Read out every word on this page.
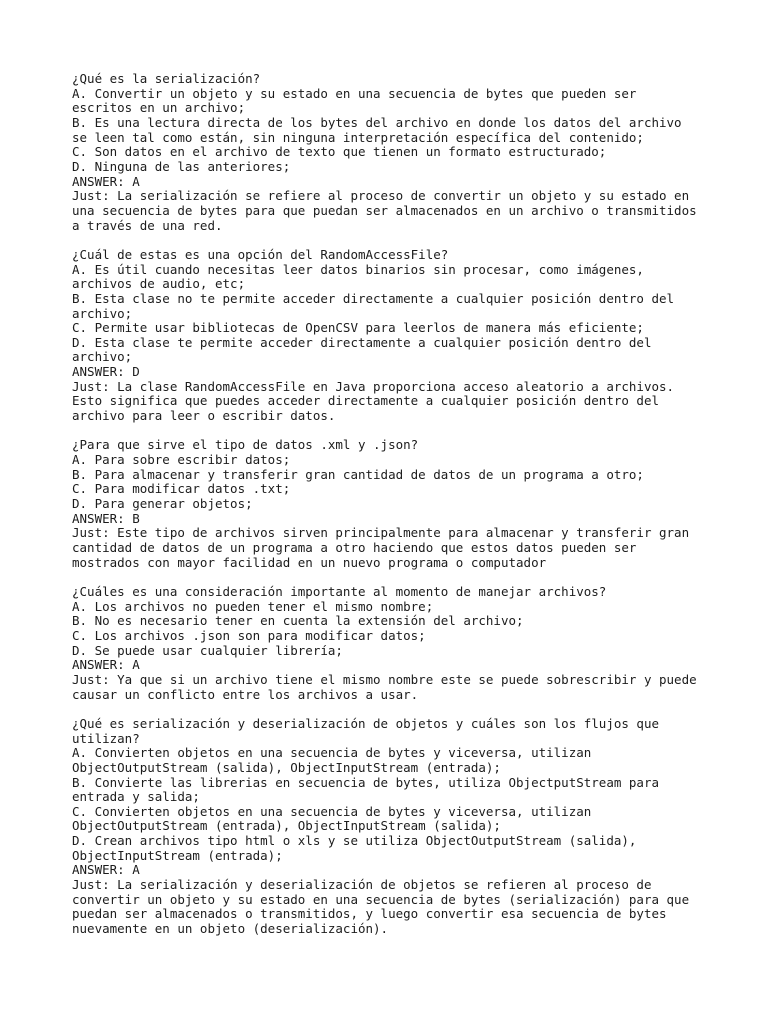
¿Qué es la serialización?
A. Convertir un objeto y su estado en una secuencia de bytes que pueden ser
escritos en un archivo;
B. Es una lectura directa de los bytes del archivo en donde los datos del archivo
se leen tal como están, sin ninguna interpretación específica del contenido;
C. Son datos en el archivo de texto que tienen un formato estructurado;
D. Ninguna de las anteriores;
ANSWER: A
Just: La serialización se refiere al proceso de convertir un objeto y su estado en
una secuencia de bytes para que puedan ser almacenados en un archivo o transmitidos
a través de una red.
¿Cuál de estas es una opción del RandomAccessFile?
A. Es útil cuando necesitas leer datos binarios sin procesar, como imágenes,
archivos de audio, etc;
B. Esta clase no te permite acceder directamente a cualquier posición dentro del
archivo;
C. Permite usar bibliotecas de OpenCSV para leerlos de manera más eficiente;
D. Esta clase te permite acceder directamente a cualquier posición dentro del
archivo;
ANSWER: D
Just: La clase RandomAccessFile en Java proporciona acceso aleatorio a archivos.
Esto significa que puedes acceder directamente a cualquier posición dentro del
archivo para leer o escribir datos.
¿Para que sirve el tipo de datos .xml y .json?
A. Para sobre escribir datos;
B. Para almacenar y transferir gran cantidad de datos de un programa a otro;
C. Para modificar datos .txt;
D. Para generar objetos;
ANSWER: B
Just: Este tipo de archivos sirven principalmente para almacenar y transferir gran
cantidad de datos de un programa a otro haciendo que estos datos pueden ser
mostrados con mayor facilidad en un nuevo programa o computador
¿Cuáles es una consideración importante al momento de manejar archivos?
A. Los archivos no pueden tener el mismo nombre;
B. No es necesario tener en cuenta la extensión del archivo;
C. Los archivos .json son para modificar datos;
D. Se puede usar cualquier librería;
ANSWER: A
Just: Ya que si un archivo tiene el mismo nombre este se puede sobrescribir y puede
causar un conflicto entre los archivos a usar.
¿Qué es serialización y deserialización de objetos y cuáles son los flujos que
utilizan?
A. Convierten objetos en una secuencia de bytes y viceversa, utilizan
ObjectOutputStream (salida), ObjectInputStream (entrada);
B. Convierte las librerias en secuencia de bytes, utiliza ObjectputStream para
entrada y salida;
C. Convierten objetos en una secuencia de bytes y viceversa, utilizan
ObjectOutputStream (entrada), ObjectInputStream (salida);
D. Crean archivos tipo html o xls y se utiliza ObjectOutputStream (salida),
ObjectInputStream (entrada);
ANSWER: A
Just: La serialización y deserialización de objetos se refieren al proceso de
convertir un objeto y su estado en una secuencia de bytes (serialización) para que
puedan ser almacenados o transmitidos, y luego convertir esa secuencia de bytes
nuevamente en un objeto (deserialización).
